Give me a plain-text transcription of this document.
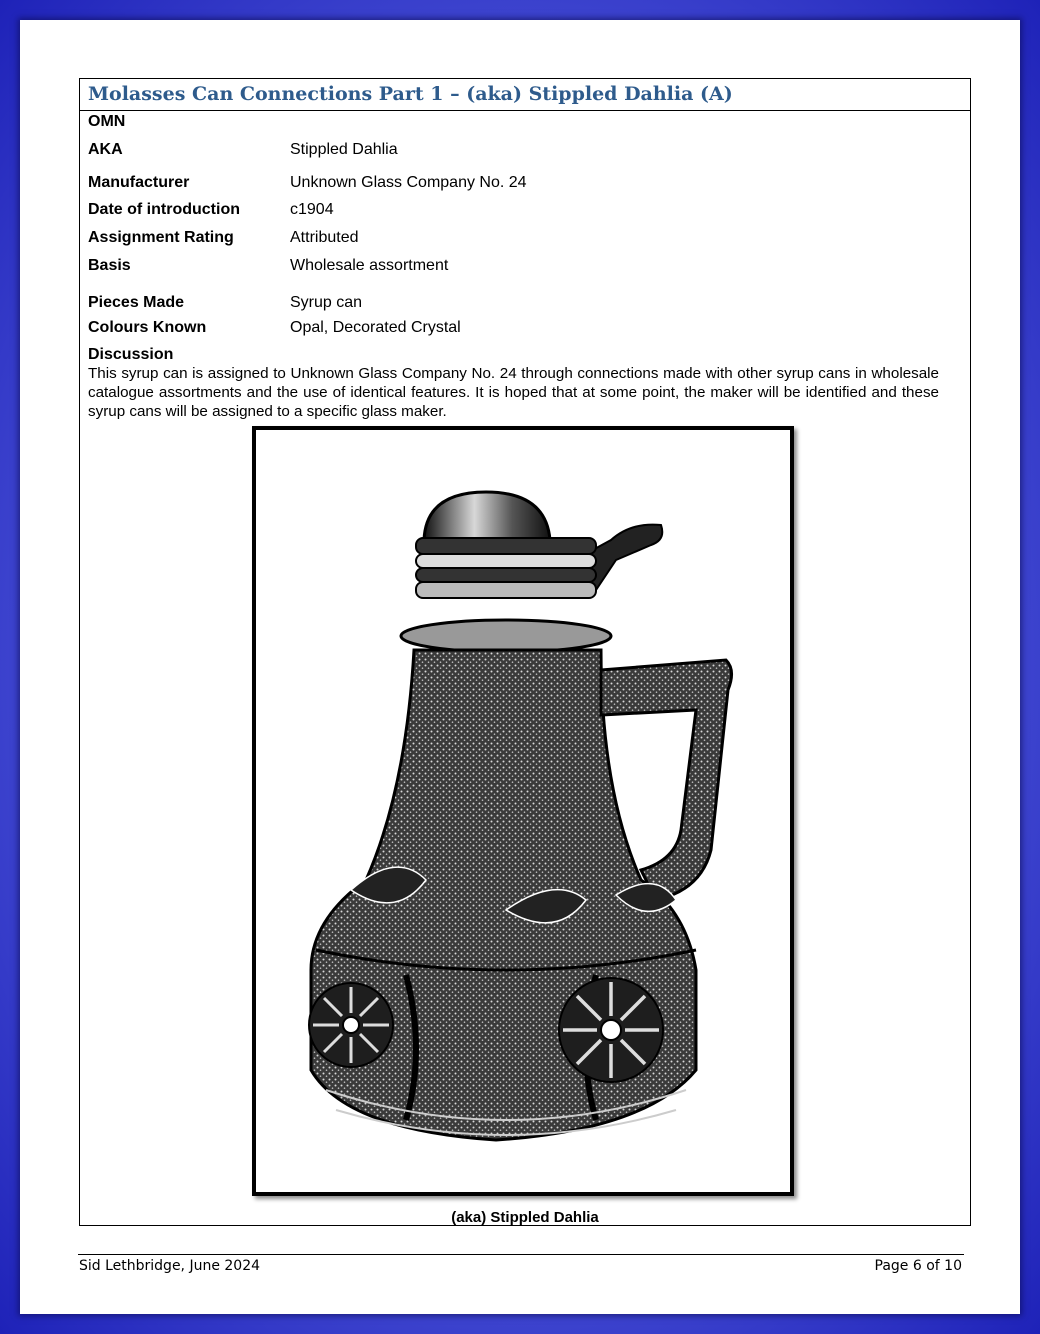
Molasses Can Connections Part 1 – (aka) Stippled Dahlia (A)
OMN
AKA	Stippled Dahlia
Manufacturer	Unknown Glass Company No. 24
Date of introduction	c1904
Assignment Rating	Attributed
Basis	Wholesale assortment
Pieces Made	Syrup can
Colours Known	Opal, Decorated Crystal
Discussion
This syrup can is assigned to Unknown Glass Company No. 24 through connections made with other syrup cans in wholesale catalogue assortments and the use of identical features. It is hoped that at some point, the maker will be identified and these syrup cans will be assigned to a specific glass maker.
(aka) Stippled Dahlia
Sid Lethbridge, June 2024	Page 6 of 10
